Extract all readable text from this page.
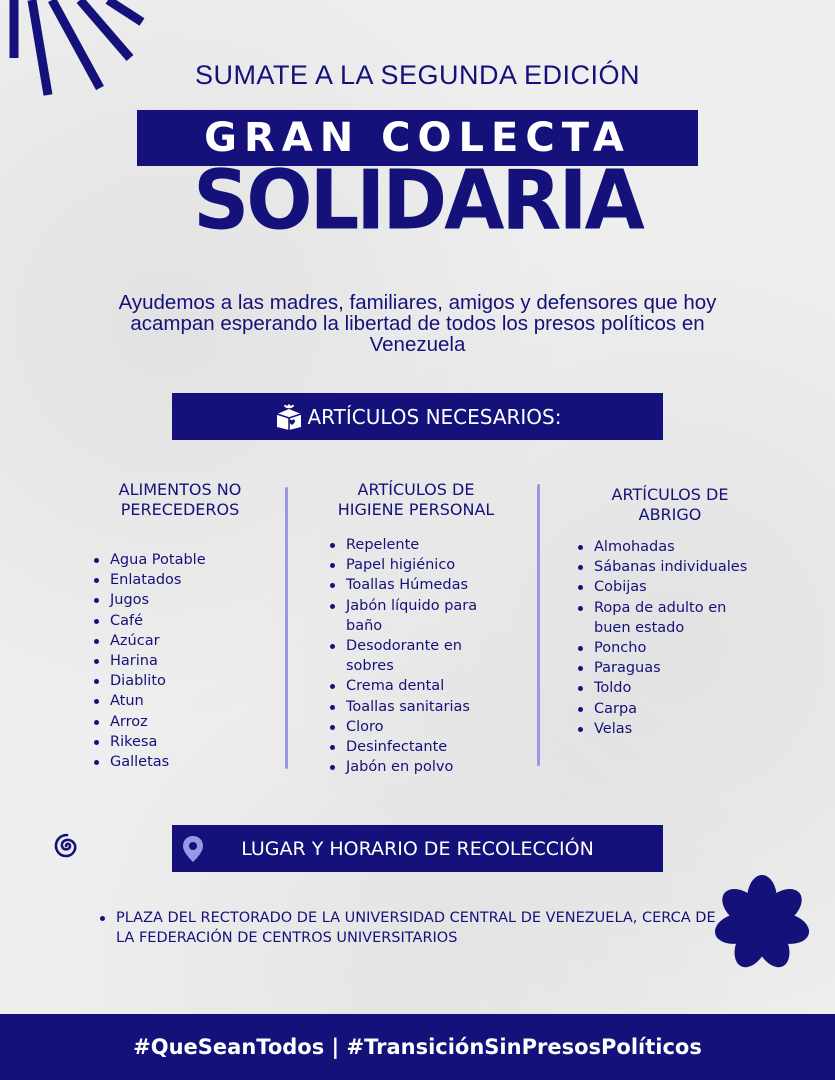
SUMATE A LA SEGUNDA EDICIÓN
GRAN COLECTA
SOLIDARIA
Ayudemos a las madres, familiares, amigos y defensores que hoy acampan esperando la libertad de todos los presos políticos en Venezuela
ARTÍCULOS NECESARIOS:
ALIMENTOS NO
PERECEDEROS
Agua Potable
Enlatados
Jugos
Café
Azúcar
Harina
Diablito
Atun
Arroz
Rikesa
Galletas
ARTÍCULOS DE
HIGIENE PERSONAL
Repelente
Papel higiénico
Toallas Húmedas
Jabón líquido para baño
Desodorante en sobres
Crema dental
Toallas sanitarias
Cloro
Desinfectante
Jabón en polvo
ARTÍCULOS DE
ABRIGO
Almohadas
Sábanas individuales
Cobijas
Ropa de adulto en buen estado
Poncho
Paraguas
Toldo
Carpa
Velas
LUGAR Y HORARIO DE RECOLECCIÓN
PLAZA DEL RECTORADO DE LA UNIVERSIDAD CENTRAL DE VENEZUELA, CERCA DE LA FEDERACIÓN DE CENTROS UNIVERSITARIOS
#QueSeanTodos | #TransiciónSinPresosPolíticos
